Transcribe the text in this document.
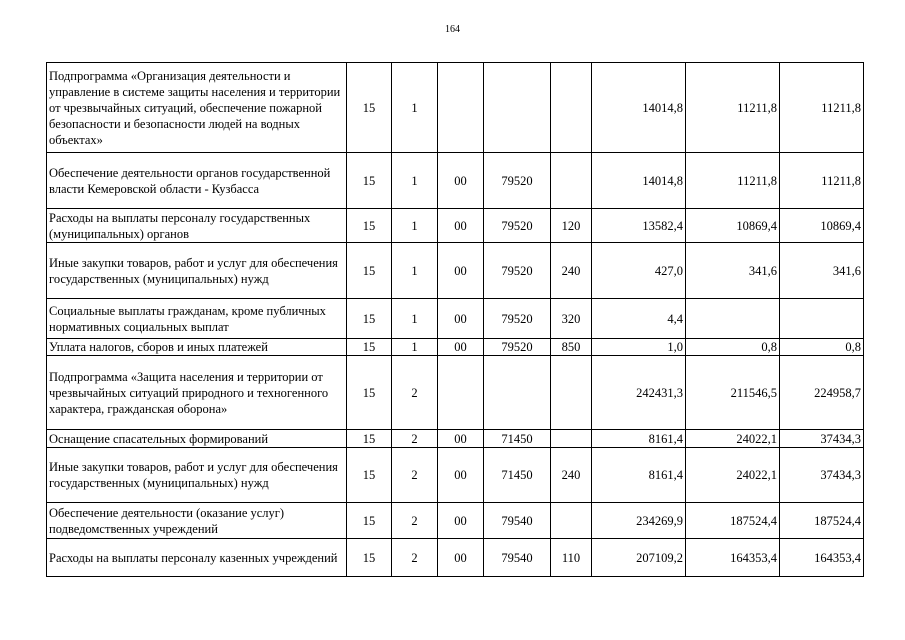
164
Подпрограмма «Организация деятельности и управление в системе защиты населения и территории от чрезвычайных ситуаций, обеспечение пожарной безопасности и безопасности людей на водных объектах»	15	1				14014,8	11211,8	11211,8
Обеспечение деятельности органов государственной власти Кемеровской области - Кузбасса	15	1	00	79520		14014,8	11211,8	11211,8
Расходы на выплаты персоналу государственных (муниципальных) органов	15	1	00	79520	120	13582,4	10869,4	10869,4
Иные закупки товаров, работ и услуг для обеспечения государственных (муниципальных) нужд	15	1	00	79520	240	427,0	341,6	341,6
Социальные выплаты гражданам, кроме публичных нормативных социальных выплат	15	1	00	79520	320	4,4		
Уплата налогов, сборов и иных платежей	15	1	00	79520	850	1,0	0,8	0,8
Подпрограмма «Защита населения и территории от чрезвычайных ситуаций природного и техногенного характера, гражданская оборона»	15	2				242431,3	211546,5	224958,7
Оснащение спасательных формирований	15	2	00	71450		8161,4	24022,1	37434,3
Иные закупки товаров, работ и услуг для обеспечения государственных (муниципальных) нужд	15	2	00	71450	240	8161,4	24022,1	37434,3
Обеспечение деятельности (оказание услуг) подведомственных учреждений	15	2	00	79540		234269,9	187524,4	187524,4
Расходы на выплаты персоналу казенных учреждений	15	2	00	79540	110	207109,2	164353,4	164353,4
